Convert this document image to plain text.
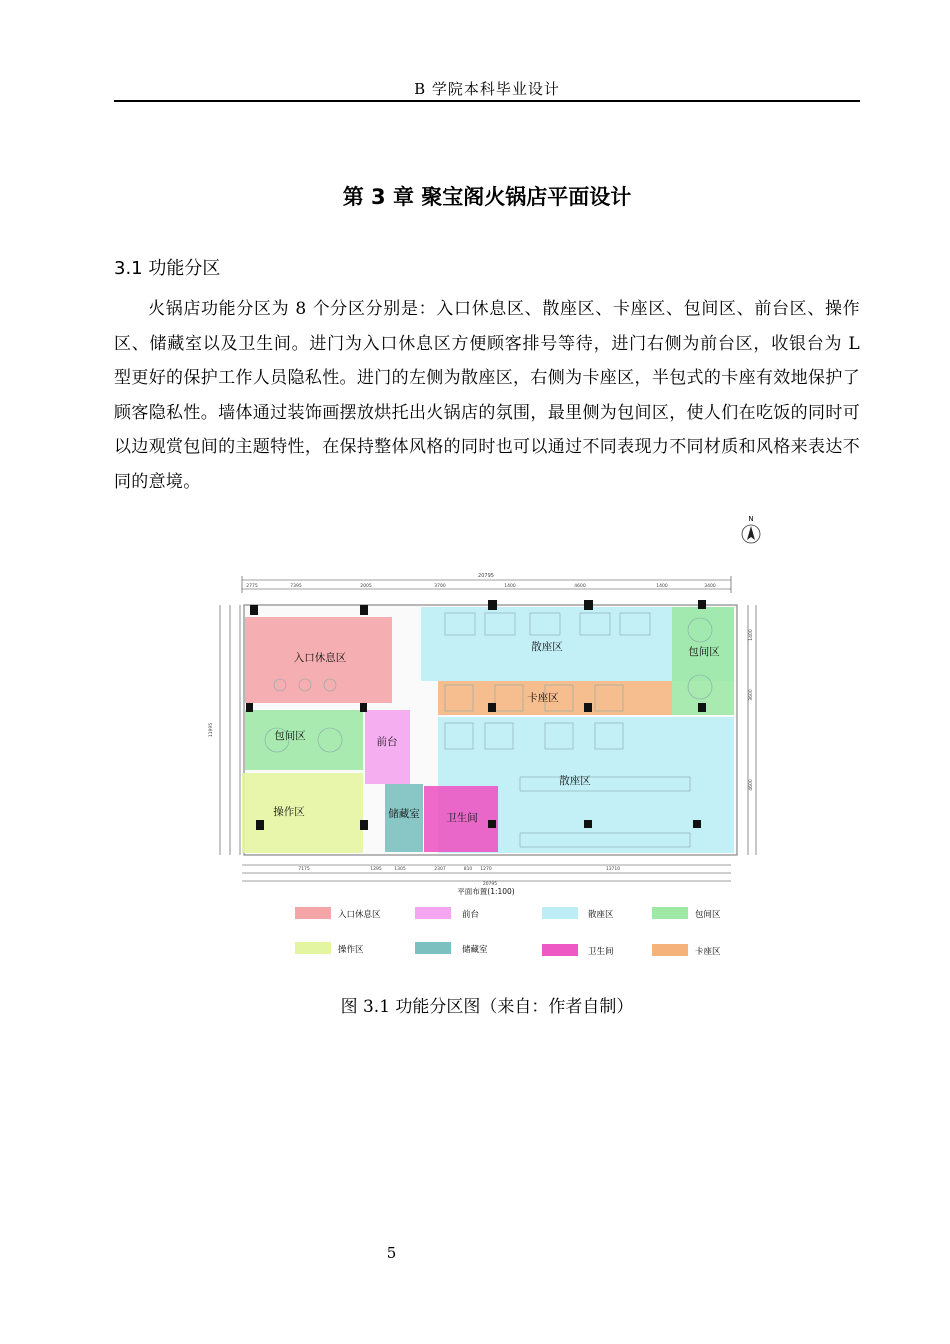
B 学院本科毕业设计
第 3 章 聚宝阁火锅店平面设计
3.1 功能分区

火锅店功能分区为 8 个分区分别是：入口休息区、散座区、卡座区、包间区、前台区、操作区、储藏室以及卫生间。进门为入口休息区方便顾客排号等待，进门右侧为前台区，收银台为 L 型更好的保护工作人员隐私性。进门的左侧为散座区，右侧为卡座区，半包式的卡座有效地保护了顾客隐私性。墙体通过装饰画摆放烘托出火锅店的氛围，最里侧为包间区，使人们在吃饭的同时可以边观赏包间的主题特性，在保持整体风格的同时也可以通过不同表现力不同材质和风格来表达不同的意境。

N
20795
2775	7395	2005	3700	1400	4600	1400	3400
11995
1400
3600
4600
入口休息区
散座区
卡座区
包间区
包间区	前台
散座区
操作区	储藏室	卫生间
7175	1295	1305	2307	810 1270	13710
20795
平面布置(1:100)
入口休息区	前台	散座区	包间区
操作区	储藏室	卫生间	卡座区
图 3.1 功能分区图（来自：作者自制）
5
